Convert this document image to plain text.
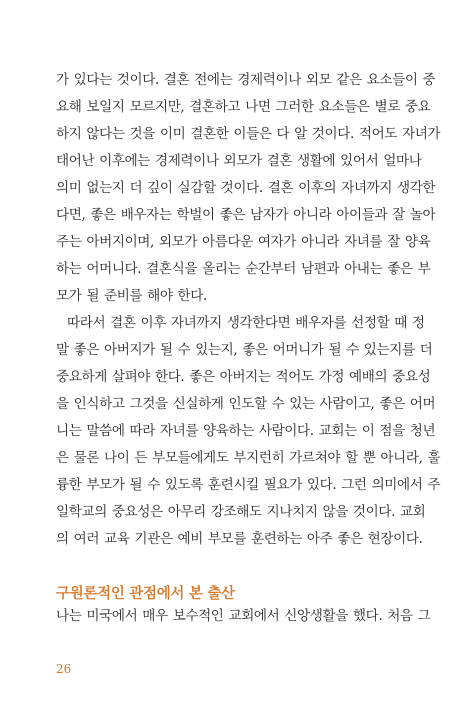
가 있다는 것이다. 결혼 전에는 경제력이나 외모 같은 요소들이 중
요해 보일지 모르지만, 결혼하고 나면 그러한 요소들은 별로 중요
하지 않다는 것을 이미 결혼한 이들은 다 알 것이다. 적어도 자녀가
태어난 이후에는 경제력이나 외모가 결혼 생활에 있어서 얼마나
의미 없는지 더 깊이 실감할 것이다. 결혼 이후의 자녀까지 생각한
다면, 좋은 배우자는 학벌이 좋은 남자가 아니라 아이들과 잘 놀아
주는 아버지이며, 외모가 아름다운 여자가 아니라 자녀를 잘 양육
하는 어머니다. 결혼식을 올리는 순간부터 남편과 아내는 좋은 부
모가 될 준비를 해야 한다.
따라서 결혼 이후 자녀까지 생각한다면 배우자를 선정할 때 정
말 좋은 아버지가 될 수 있는지, 좋은 어머니가 될 수 있는지를 더
중요하게 살펴야 한다. 좋은 아버지는 적어도 가정 예배의 중요성
을 인식하고 그것을 신실하게 인도할 수 있는 사람이고, 좋은 어머
니는 말씀에 따라 자녀를 양육하는 사람이다. 교회는 이 점을 청년
은 물론 나이 든 부모들에게도 부지런히 가르쳐야 할 뿐 아니라, 훌
륭한 부모가 될 수 있도록 훈련시킬 필요가 있다. 그런 의미에서 주
일학교의 중요성은 아무리 강조해도 지나치지 않을 것이다. 교회
의 여러 교육 기관은 예비 부모를 훈련하는 아주 좋은 현장이다.
구원론적인 관점에서 본 출산
나는 미국에서 매우 보수적인 교회에서 신앙생활을 했다. 처음 그
26
